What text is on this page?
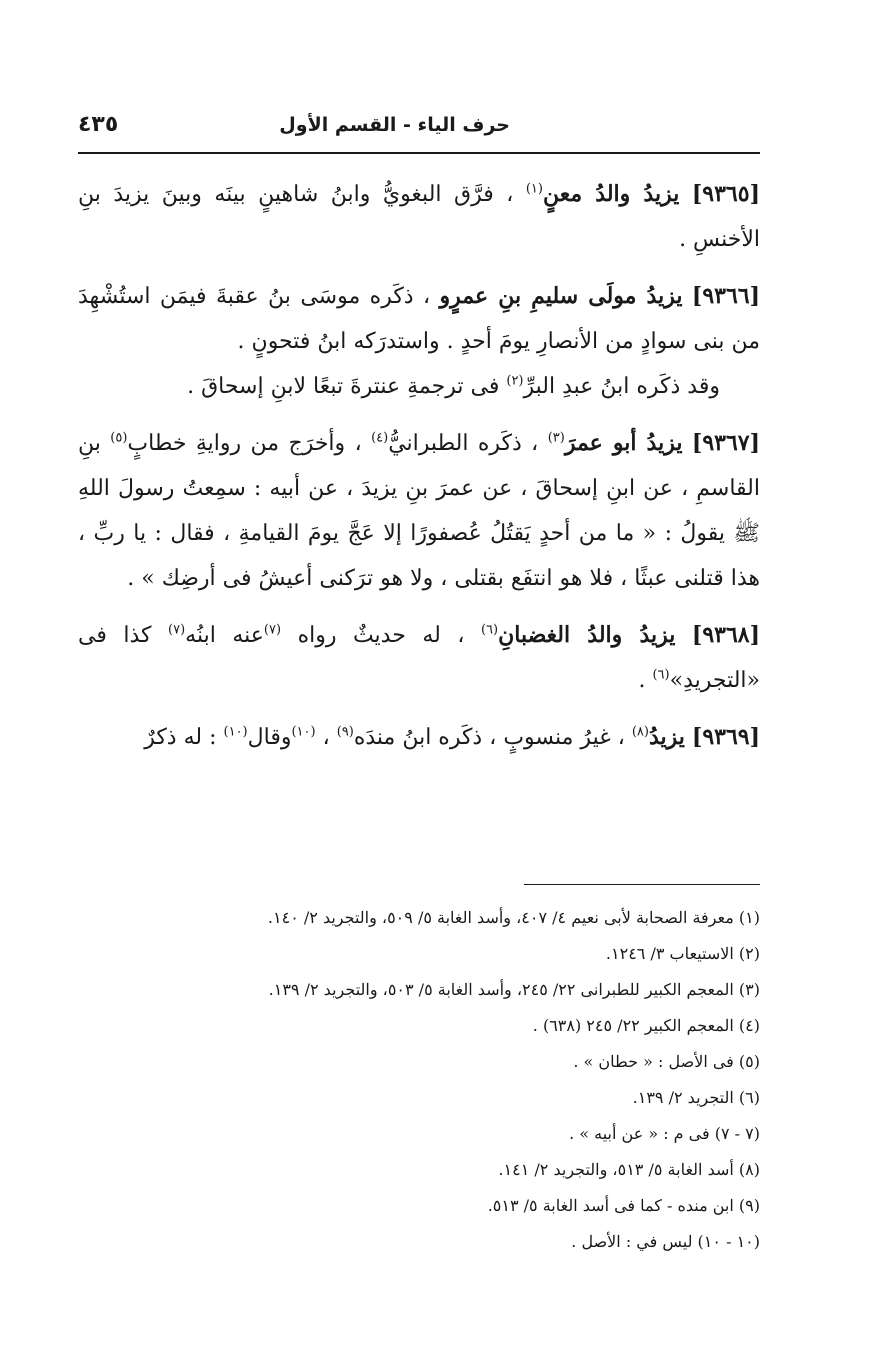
حرف الياء - القسم الأول
٤٣٥

[٩٣٦٥] يزيدُ والدُ معنٍ$^{(١)}$ ، فرَّق البغويُّ وابنُ شاهينٍ بينَه وبينَ يزيدَ بنِ الأخنسِ .

[٩٣٦٦] يزيدُ مولَى سليمِ بنِ عمرٍو ، ذكَره موسَى بنُ عقبةَ فيمَن استُشْهِدَ من بنى سوادٍ من الأنصارِ يومَ أحدٍ . واستدرَكه ابنُ فتحونٍ .

وقد ذكَره ابنُ عبدِ البرِّ$^{(٢)}$ فى ترجمةِ عنترةَ تبعًا لابنِ إسحاقَ .

[٩٣٦٧] يزيدُ أبو عمرَ$^{(٣)}$ ، ذكَره الطبرانيُّ$^{(٤)}$ ، وأخرَج من روايةِ خطابٍ$^{(٥)}$ بنِ القاسمِ ، عن ابنِ إسحاقَ ، عن عمرَ بنِ يزيدَ ، عن أبيه : سمِعتُ رسولَ اللهِ ﷺ يقولُ : « ما من أحدٍ يَقتُلُ عُصفورًا إلا عَجَّ يومَ القيامةِ ، فقال : يا ربِّ ، هذا قتلنى عبثًا ، فلا هو انتفَع بقتلى ، ولا هو ترَكنى أعيشُ فى أرضِك » .

[٩٣٦٨] يزيدُ والدُ الغضبانِ$^{(٦)}$ ، له حديثٌ رواه $^{(٧)}$عنه ابنُه$^{(٧)}$ كذا فى «التجريدِ»$^{(٦)}$ .

[٩٣٦٩] يزيدُ$^{(٨)}$ ، غيرُ منسوبٍ ، ذكَره ابنُ مندَه$^{(٩)}$ ، $^{(١٠)}$وقال$^{(١٠)}$ : له ذكرٌ

(١) معرفة الصحابة لأبى نعيم ٤/ ٤٠٧، وأسد الغابة ٥/ ٥٠٩، والتجريد ٢/ ١٤٠.

(٢) الاستيعاب ٣/ ١٢٤٦.

(٣) المعجم الكبير للطبرانى ٢٢/ ٢٤٥، وأسد الغابة ٥/ ٥٠٣، والتجريد ٢/ ١٣٩.

(٤) المعجم الكبير ٢٢/ ٢٤٥ (٦٣٨) .

(٥) فى الأصل : « حطان » .

(٦) التجريد ٢/ ١٣٩.

(٧ - ٧) فى م : « عن أبيه » .

(٨) أسد الغابة ٥/ ٥١٣، والتجريد ٢/ ١٤١.

(٩) ابن منده - كما فى أسد الغابة ٥/ ٥١٣.

(١٠ - ١٠) ليس في : الأصل .
